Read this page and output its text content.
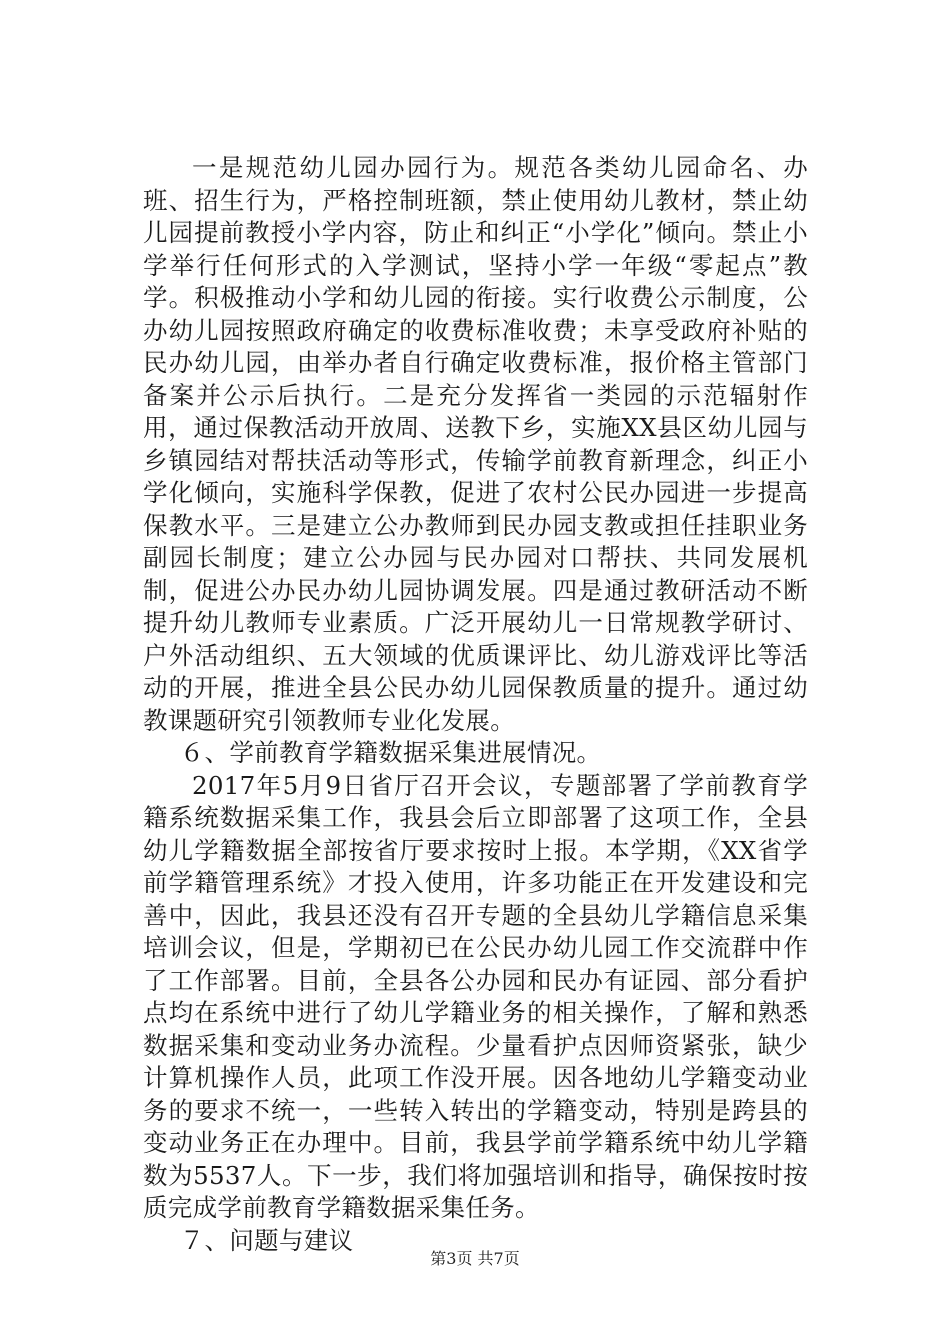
一是规范幼儿园办园行为。规范各类幼儿园命名、办班、招生行为，严格控制班额，禁止使用幼儿教材，禁止幼儿园提前教授小学内容，防止和纠正“小学化”倾向。禁止小学举行任何形式的入学测试，坚持小学一年级“零起点”教学。积极推动小学和幼儿园的衔接。实行收费公示制度，公办幼儿园按照政府确定的收费标准收费；未享受政府补贴的民办幼儿园，由举办者自行确定收费标准，报价格主管部门备案并公示后执行。二是充分发挥省一类园的示范辐射作用，通过保教活动开放周、送教下乡，实施XX县区幼儿园与乡镇园结对帮扶活动等形式，传输学前教育新理念，纠正小学化倾向，实施科学保教，促进了农村公民办园进一步提高保教水平。三是建立公办教师到民办园支教或担任挂职业务副园长制度；建立公办园与民办园对口帮扶、共同发展机制，促进公办民办幼儿园协调发展。四是通过教研活动不断提升幼儿教师专业素质。广泛开展幼儿一日常规教学研讨、户外活动组织、五大领域的优质课评比、幼儿游戏评比等活动的开展，推进全县公民办幼儿园保教质量的提升。通过幼教课题研究引领教师专业化发展。

６、学前教育学籍数据采集进展情况。

2017年5月9日省厅召开会议，专题部署了学前教育学籍系统数据采集工作，我县会后立即部署了这项工作，全县幼儿学籍数据全部按省厅要求按时上报。本学期，《XX省学前学籍管理系统》才投入使用，许多功能正在开发建设和完善中，因此，我县还没有召开专题的全县幼儿学籍信息采集培训会议，但是，学期初已在公民办幼儿园工作交流群中作了工作部署。目前，全县各公办园和民办有证园、部分看护点均在系统中进行了幼儿学籍业务的相关操作，了解和熟悉数据采集和变动业务办流程。少量看护点因师资紧张，缺少计算机操作人员，此项工作没开展。因各地幼儿学籍变动业务的要求不统一，一些转入转出的学籍变动，特别是跨县的变动业务正在办理中。目前，我县学前学籍系统中幼儿学籍数为5537人。下一步，我们将加强培训和指导，确保按时按质完成学前教育学籍数据采集任务。

７、问题与建议

第3页 共7页
